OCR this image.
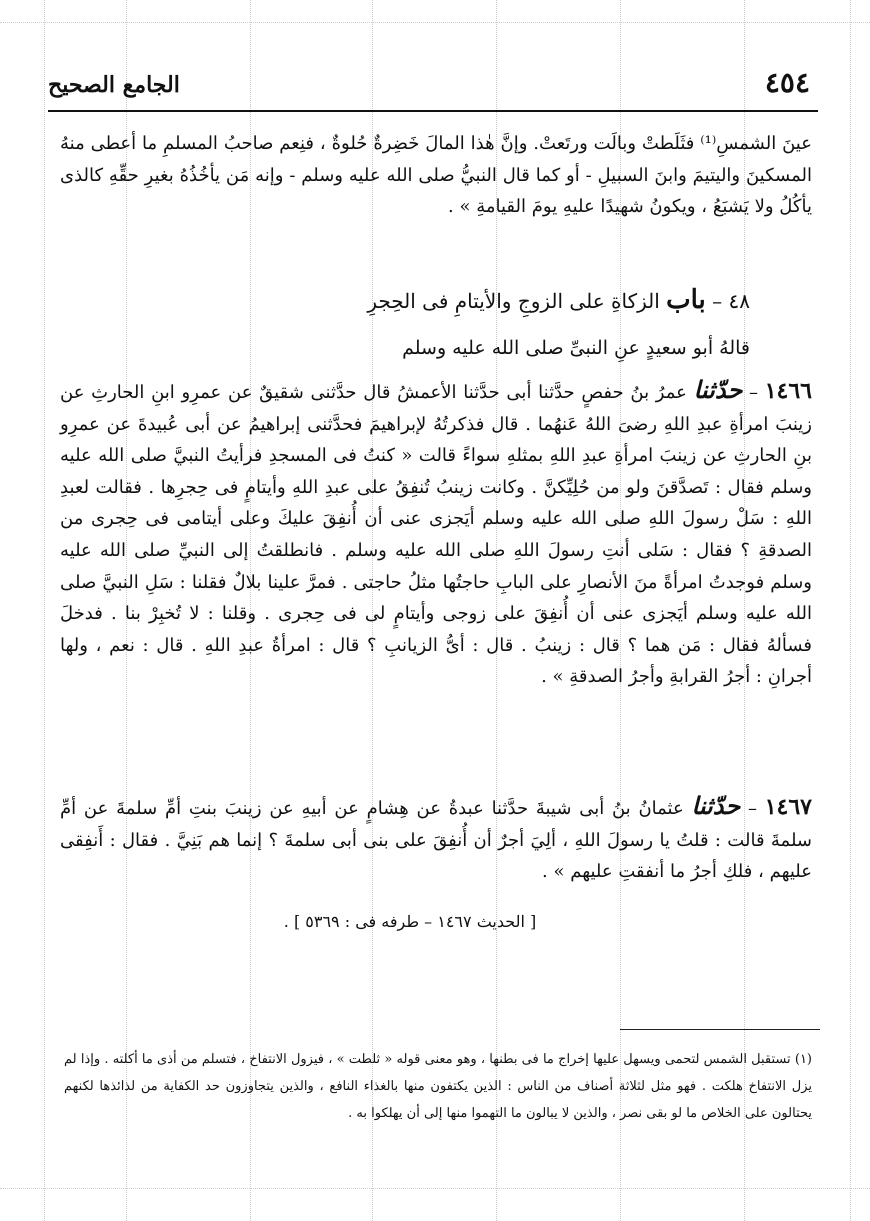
٤٥٤
الجامع الصحيح
عينَ الشمسِ⁽¹⁾ فثَلَطتْ وبالَت ورتَعتْ. وإنَّ هٰذا المالَ خَضِرةٌ حُلوةٌ ، فنِعم صاحبُ المسلمِ ما أعطى منهُ المسكينَ واليتيمَ وابنَ السبيلِ - أو كما قال النبيُّ صلى الله عليه وسلم - وإنه مَن يأخُذُهُ بغيرِ حقِّهِ كالذى يأكُلُ ولا يَشبَعُ ، ويكونُ شهيدًا عليهِ يومَ القيامةِ » .
٤٨ – باب الزكاةِ على الزوجِ والأيتامِ فى الحِجرِ
قالهُ أبو سعيدٍ عنِ النبىِّ صلى الله عليه وسلم
١٤٦٦ – حدّثنا عمرُ بنُ حفصٍ حدَّثنا أبى حدَّثنا الأعمشُ قال حدَّثنى شقيقٌ عن عمرِو ابنِ الحارثِ عن زينبَ امرأةِ عبدِ اللهِ رضىَ اللهُ عَنهُما . قال فذكرتُهُ لإبراهيمَ فحدَّثنى إبراهيمُ عن أبى عُبيدةَ عن عمرِو بنِ الحارثِ عن زينبَ امرأةِ عبدِ اللهِ بمثلهِ سواءً قالت « كنتُ فى المسجدِ فرأيتُ النبيَّ صلى الله عليه وسلم فقال : تَصدَّقنَ ولو من حُلِيِّكنَّ . وكانت زينبُ تُنفِقُ على عبدِ اللهِ وأيتامٍ فى حِجرِها . فقالت لعبدِ اللهِ : سَلْ رسولَ اللهِ صلى الله عليه وسلم أيَجزى عنى أن أُنفِقَ عليكَ وعلى أيتامى فى حِجرى من الصدقةِ ؟ فقال : سَلى أنتِ رسولَ اللهِ صلى الله عليه وسلم . فانطلقتُ إلى النبيِّ صلى الله عليه وسلم فوجدتُ امرأةً منَ الأنصارِ على البابِ حاجتُها مثلُ حاجتى . فمرَّ علينا بلالٌ فقلنا : سَلِ النبيَّ صلى الله عليه وسلم أيَجزى عنى أن أُنفِقَ على زوجى وأيتامٍ لى فى حِجرى . وقلنا : لا تُخبِرْ بنا . فدخلَ فسألهُ فقال : مَن هما ؟ قال : زينبُ . قال : أىُّ الزيانبِ ؟ قال : امرأةُ عبدِ اللهِ . قال : نعم ، ولها أجرانِ : أجرُ القرابةِ وأجرُ الصدقةِ » .
١٤٦٧ – حدّثنا عثمانُ بنُ أبى شيبةَ حدَّثنا عبدةُ عن هِشامٍ عن أبيهِ عن زينبَ بنتِ أمِّ سلمةَ عن أمِّ سلمةَ قالت : قلتُ يا رسولَ اللهِ ، ألِيَ أجرٌ أن أُنفِقَ على بنى أبى سلمةَ ؟ إنما هم بَنِيَّ . فقال : أَنفِقى عليهم ، فلكِ أجرُ ما أنفقتِ عليهم » .
[ الحديث ١٤٦٧ – طرفه فى : ٥٣٦٩ ] .
(١) تستقبل الشمس لتحمى ويسهل عليها إخراج ما فى بطنها ، وهو معنى قوله « ثلطت » ، فيزول الانتفاخ ، فتسلم من أذى ما أكلته . وإذا لم يزل الانتفاخ هلكت . فهو مثل لثلاثة أصناف من الناس : الذين يكتفون منها بالغذاء النافع ، والذين يتجاوزون حد الكفاية من لذائذها لكنهم يحتالون على الخلاص ما لو بقى نصر ، والذين لا يبالون ما التهموا منها إلى أن يهلكوا به .
